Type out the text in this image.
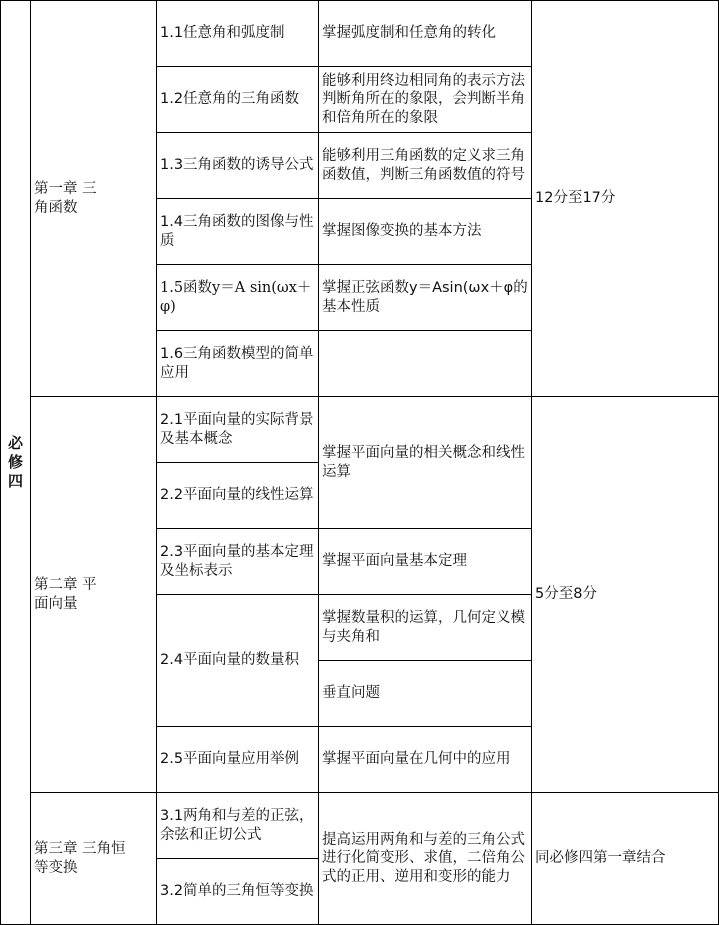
必修四
第一章 三角函数
1.1任意角和弧度制	掌握弧度制和任意角的转化
1.2任意角的三角函数
能够利用终边相同角的表示方法判断角所在的象限，会判断半角和倍角所在的象限
1.3三角函数的诱导公式
能够利用三角函数的定义求三角函数值，判断三角函数值的符号
1.4三角函数的图像与性质
掌握图像变换的基本方法
1.5函数y＝A sin(ωx＋φ)
掌握正弦函数y＝Asin(ωx＋φ的基本性质
1.6三角函数模型的简单应用
12分至17分
第二章 平面向量
2.1平面向量的实际背景及基本概念
2.2平面向量的线性运算
掌握平面向量的相关概念和线性运算
2.3平面向量的基本定理及坐标表示
掌握平面向量基本定理
2.4平面向量的数量积
掌握数量积的运算，几何定义模与夹角和
垂直问题
2.5平面向量应用举例 掌握平面向量在几何中的应用
5分至8分
第三章 三角恒等变换
3.1两角和与差的正弦，余弦和正切公式
3.2简单的三角恒等变换
提高运用两角和与差的三角公式进行化简变形、求值，二倍角公式的正用、逆用和变形的能力
同必修四第一章结合
